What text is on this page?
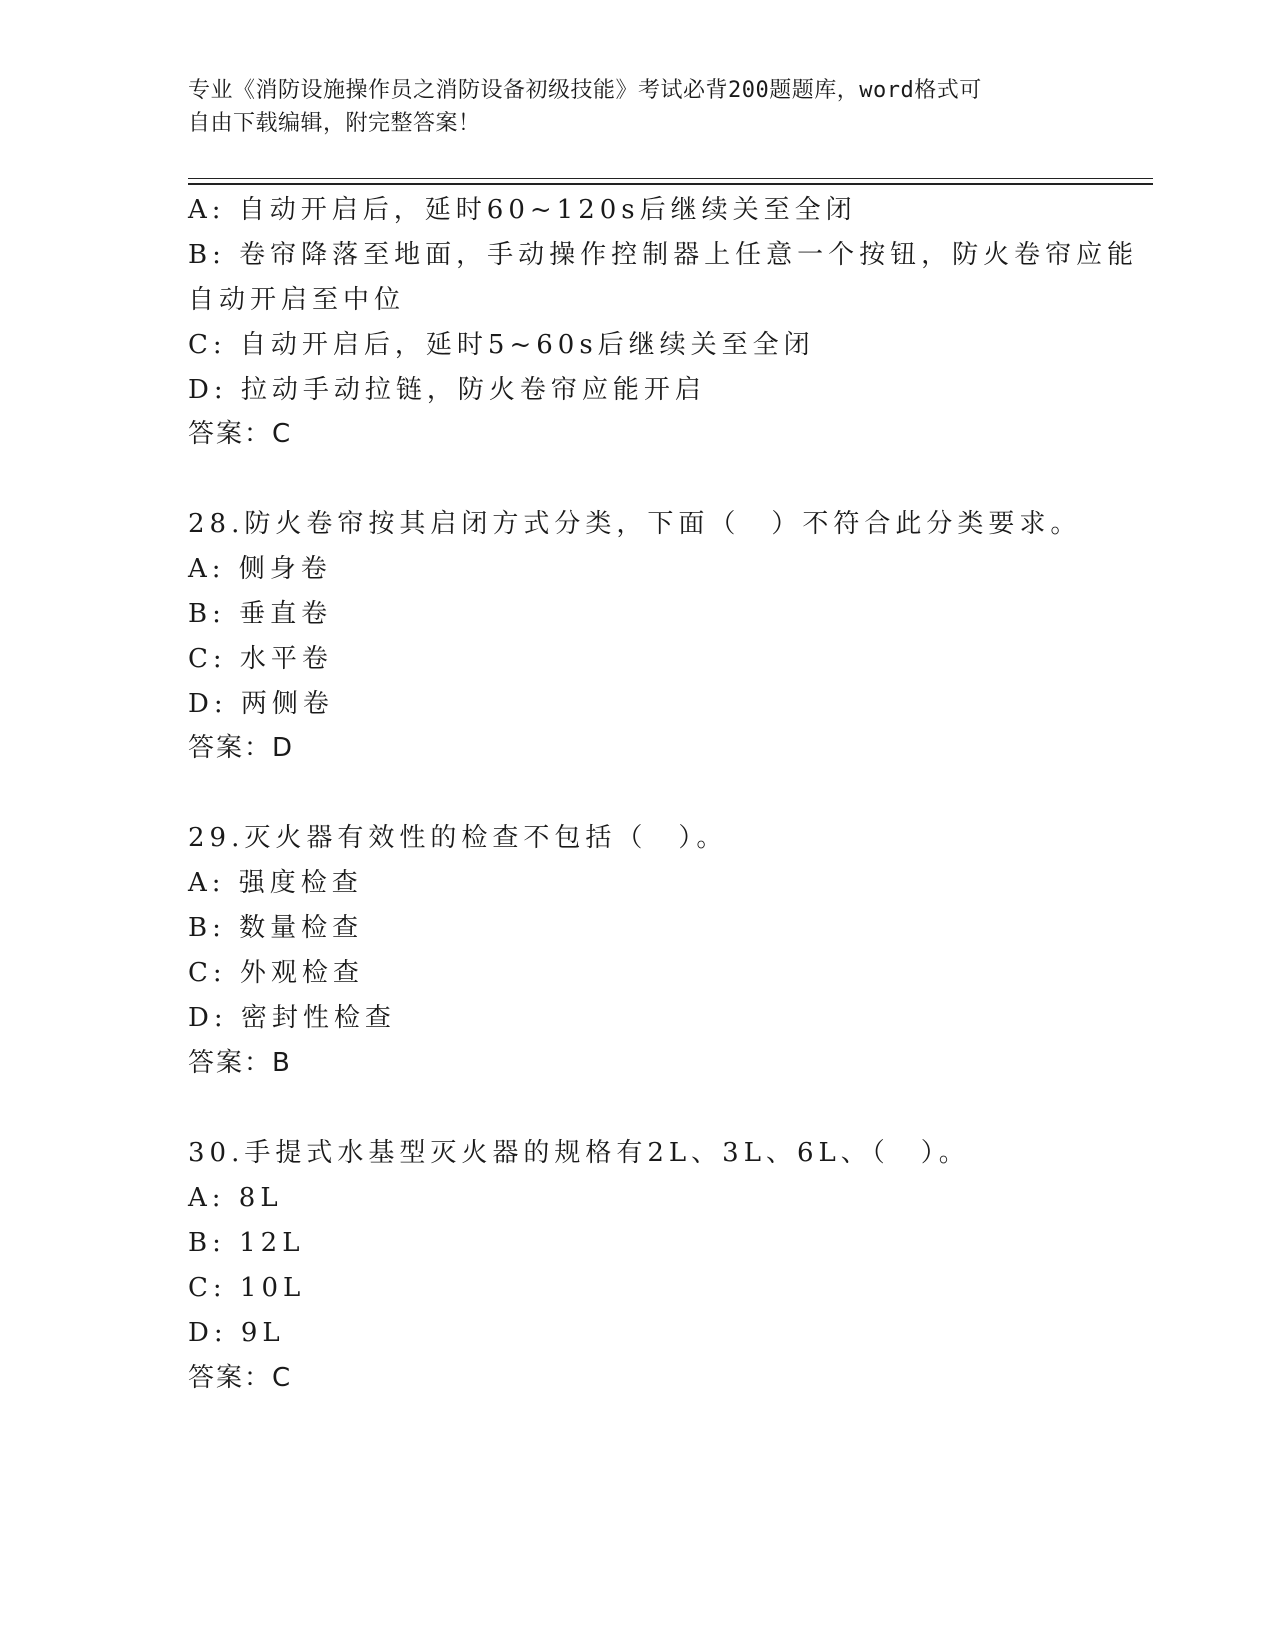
专业《消防设施操作员之消防设备初级技能》考试必背200题题库，word格式可
自由下载编辑，附完整答案！
A: 自动开启后，延时60~120s后继续关至全闭
B: 卷帘降落至地面，手动操作控制器上任意一个按钮，防火卷帘应能
自动开启至中位
C: 自动开启后，延时5~60s后继续关至全闭
D: 拉动手动拉链，防火卷帘应能开启
答案：C
28.防火卷帘按其启闭方式分类，下面（　）不符合此分类要求。
A: 侧身卷
B: 垂直卷
C: 水平卷
D: 两侧卷
答案：D
29.灭火器有效性的检查不包括（　）。
A: 强度检查
B: 数量检查
C: 外观检查
D: 密封性检查
答案：B
30.手提式水基型灭火器的规格有2L、3L、6L、（　）。
A: 8L
B: 12L
C: 10L
D: 9L
答案：C
